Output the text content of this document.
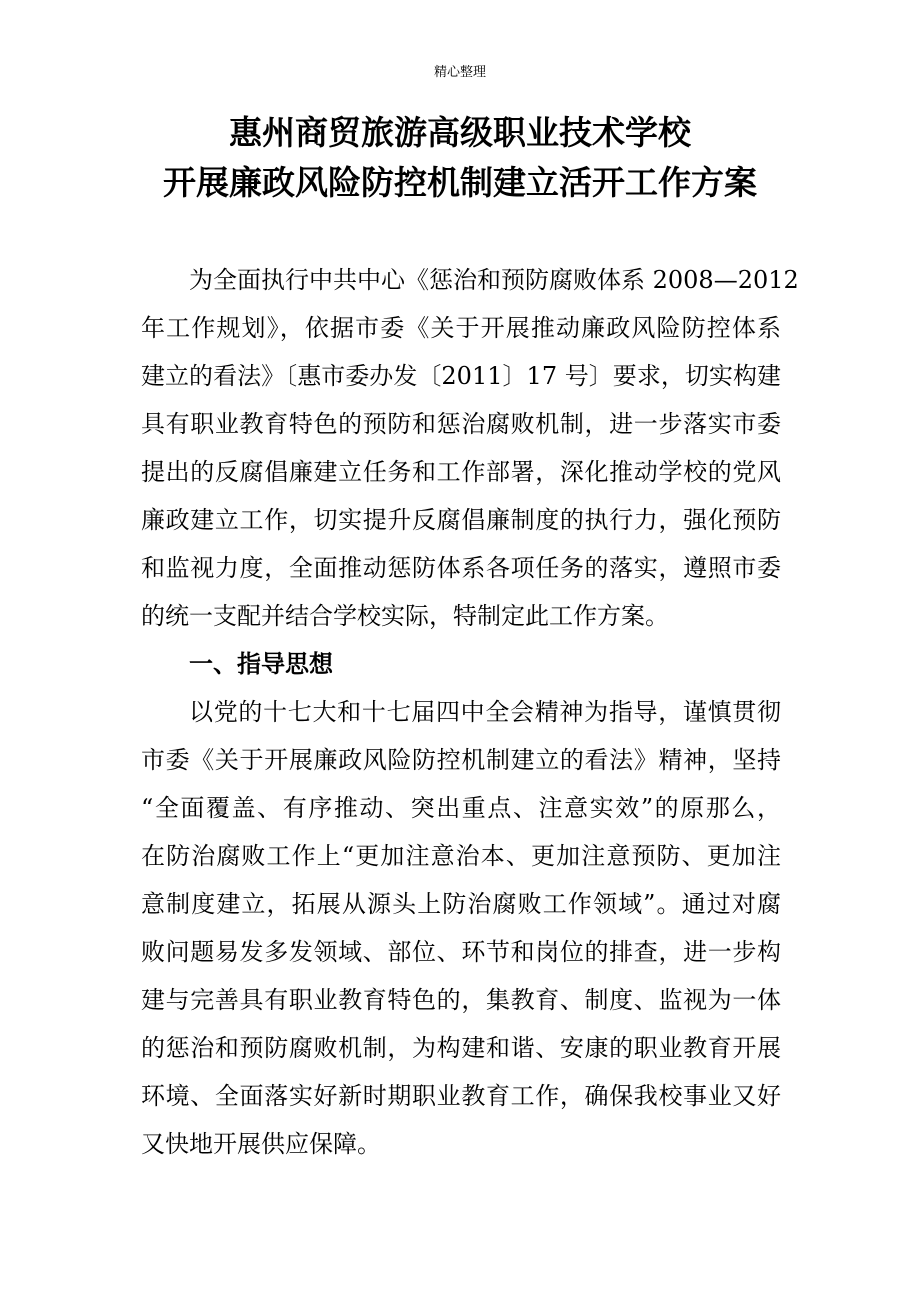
精心整理
惠州商贸旅游高级职业技术学校
开展廉政风险防控机制建立活开工作方案
为全面执行中共中心《惩治和预防腐败体系 2008—2012
年工作规划》，依据市委《关于开展推动廉政风险防控体系
建立的看法》〔惠市委办发〔2011〕17 号〕要求，切实构建
具有职业教育特色的预防和惩治腐败机制，进一步落实市委
提出的反腐倡廉建立任务和工作部署，深化推动学校的党风
廉政建立工作，切实提升反腐倡廉制度的执行力，强化预防
和监视力度，全面推动惩防体系各项任务的落实，遵照市委
的统一支配并结合学校实际，特制定此工作方案。
一、指导思想
以党的十七大和十七届四中全会精神为指导，谨慎贯彻
市委《关于开展廉政风险防控机制建立的看法》精神，坚持
“全面覆盖、有序推动、突出重点、注意实效”的原那么，
在防治腐败工作上“更加注意治本、更加注意预防、更加注
意制度建立，拓展从源头上防治腐败工作领域”。通过对腐
败问题易发多发领域、部位、环节和岗位的排查，进一步构
建与完善具有职业教育特色的，集教育、制度、监视为一体
的惩治和预防腐败机制，为构建和谐、安康的职业教育开展
环境、全面落实好新时期职业教育工作，确保我校事业又好
又快地开展供应保障。
